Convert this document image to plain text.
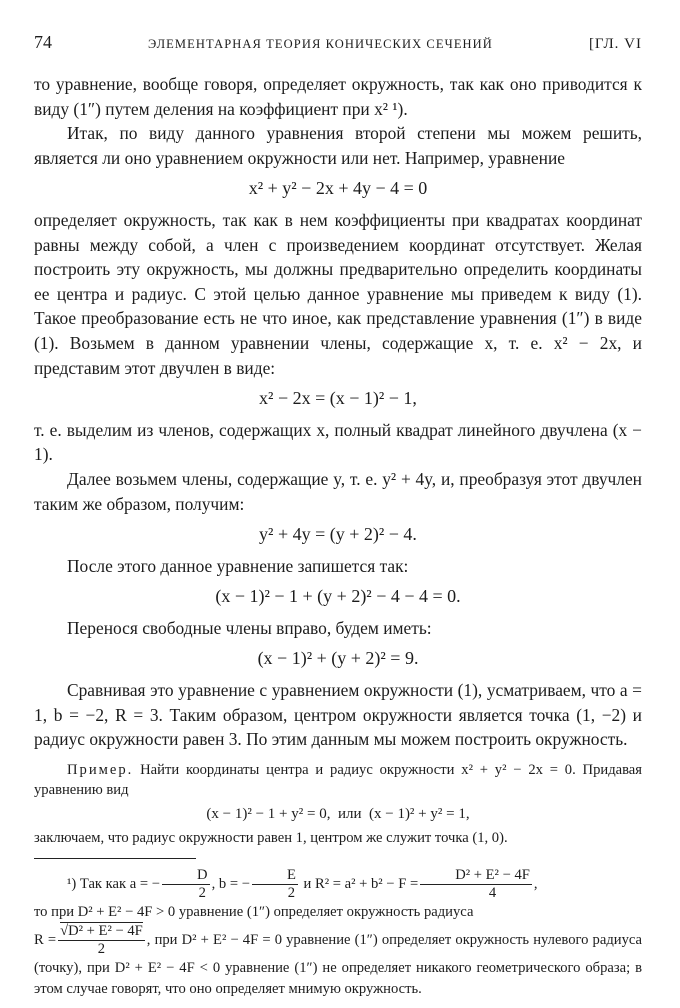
74	ЭЛЕМЕНТАРНАЯ ТЕОРИЯ КОНИЧЕСКИХ СЕЧЕНИЙ	[ГЛ. VI

то уравнение, вообще говоря, определяет окружность, так как оно приводится к виду (1″) путем деления на коэффициент при x² ¹).

Итак, по виду данного уравнения второй степени мы можем решить, является ли оно уравнением окружности или нет. Например, уравнение

x² + y² − 2x + 4y − 4 = 0

определяет окружность, так как в нем коэффициенты при квадратах координат равны между собой, а член с произведением координат отсутствует. Желая построить эту окружность, мы должны предварительно определить координаты ее центра и радиус. С этой целью данное уравнение мы приведем к виду (1). Такое преобразование есть не что иное, как представление уравнения (1″) в виде (1). Возьмем в данном уравнении члены, содержащие x, т. е. x² − 2x, и представим этот двучлен в виде:

x² − 2x = (x − 1)² − 1,

т. е. выделим из членов, содержащих x, полный квадрат линейного двучлена (x − 1).

Далее возьмем члены, содержащие y, т. е. y² + 4y, и, преобразуя этот двучлен таким же образом, получим:

y² + 4y = (y + 2)² − 4.

После этого данное уравнение запишется так:

(x − 1)² − 1 + (y + 2)² − 4 − 4 = 0.

Перенося свободные члены вправо, будем иметь:

(x − 1)² + (y + 2)² = 9.

Сравнивая это уравнение с уравнением окружности (1), усматриваем, что a = 1, b = −2, R = 3. Таким образом, центром окружности является точка (1, −2) и радиус окружности равен 3. По этим данным мы можем построить окружность.

Пример. Найти координаты центра и радиус окружности x² + y² − 2x = 0. Придавая уравнению вид

(x − 1)² − 1 + y² = 0,  или  (x − 1)² + y² = 1,

заключаем, что радиус окружности равен 1, центром же служит точка (1, 0).

¹) Так как a = − $\frac{D}{2}$ , b = − $\frac{E}{2}$ и $R^2 = a^2 + b^2 - F = \frac{\text{D² + E² − 4F}}{4}$ ,

то при D² + E² − 4F > 0 уравнение (1″) определяет окружность радиуса

$R = \frac{\text{√D² + E² − 4F}}{2}$ , при D² + E² − 4F = 0 уравнение (1″) определяет окружность нулевого радиуса (точку), при D² + E² − 4F < 0 уравнение (1″) не определяет никакого геометрического образа; в этом случае говорят, что оно определяет мнимую окружность.
